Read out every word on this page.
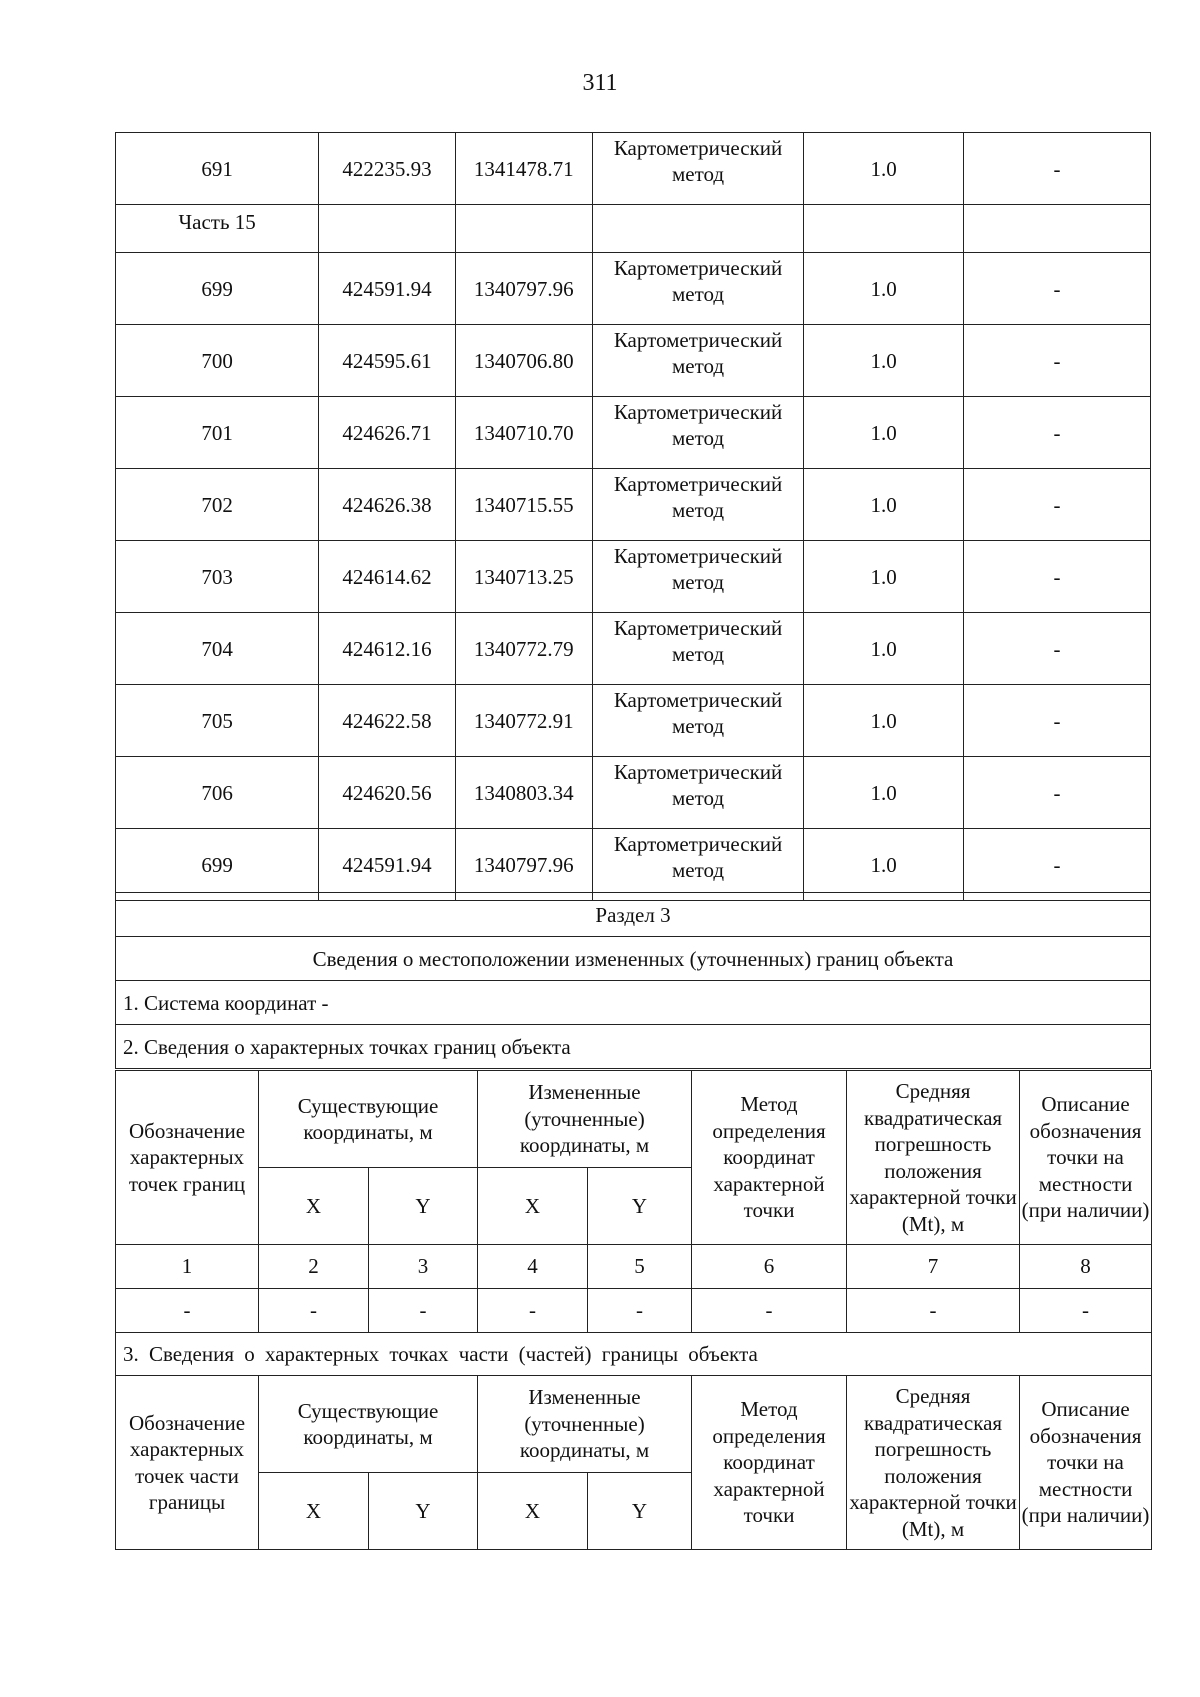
311
691	422235.93	1341478.71	Картометрический метод	1.0	-
Часть 15					
699	424591.94	1340797.96	Картометрический метод	1.0	-
700	424595.61	1340706.80	Картометрический метод	1.0	-
701	424626.71	1340710.70	Картометрический метод	1.0	-
702	424626.38	1340715.55	Картометрический метод	1.0	-
703	424614.62	1340713.25	Картометрический метод	1.0	-
704	424612.16	1340772.79	Картометрический метод	1.0	-
705	424622.58	1340772.91	Картометрический метод	1.0	-
706	424620.56	1340803.34	Картометрический метод	1.0	-
699	424591.94	1340797.96	Картометрический метод	1.0	-
Раздел 3
Сведения о местоположении измененных (уточненных) границ объекта
1. Система координат -
2. Сведения о характерных точках границ объекта
Обозначение характерных точек границ	Существующие координаты, м		Измененные (уточненные) координаты, м		Метод определения координат характерной точки	Средняя квадратическая погрешность положения характерной точки (Mt), м	Описание обозначения точки на местности (при наличии)
	X	Y	X	Y			
1	2	3	4	5	6	7	8
-	-	-	-	-	-	-	-
3. Сведения о характерных точках части (частей) границы объекта							
Обозначение характерных точек части границы	Существующие координаты, м		Измененные (уточненные) координаты, м		Метод определения координат характерной точки	Средняя квадратическая погрешность положения характерной точки (Mt), м	Описание обозначения точки на местности (при наличии)
	X	Y	X	Y			
